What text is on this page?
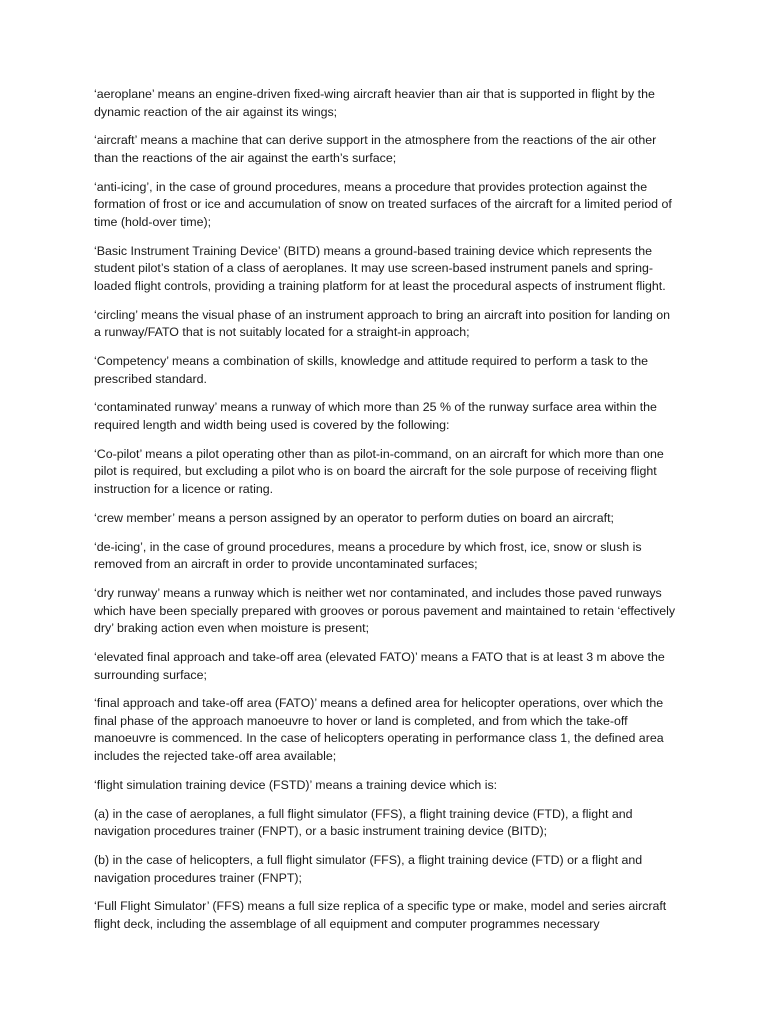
‘aeroplane’ means an engine-driven fixed-wing aircraft heavier than air that is supported in flight by the dynamic reaction of the air against its wings;

‘aircraft’ means a machine that can derive support in the atmosphere from the reactions of the air other than the reactions of the air against the earth’s surface;

‘anti-icing’, in the case of ground procedures, means a procedure that provides protection against the formation of frost or ice and accumulation of snow on treated surfaces of the aircraft for a limited period of time (hold-over time);

‘Basic Instrument Training Device’ (BITD) means a ground-based training device which represents the student pilot’s station of a class of aeroplanes. It may use screen-based instrument panels and spring-loaded flight controls, providing a training platform for at least the procedural aspects of instrument flight.

‘circling’ means the visual phase of an instrument approach to bring an aircraft into position for landing on a runway/FATO that is not suitably located for a straight-in approach;

‘Competency’ means a combination of skills, knowledge and attitude required to perform a task to the prescribed standard.

‘contaminated runway’ means a runway of which more than 25 % of the runway surface area within the required length and width being used is covered by the following:

‘Co-pilot’ means a pilot operating other than as pilot-in-command, on an aircraft for which more than one pilot is required, but excluding a pilot who is on board the aircraft for the sole purpose of receiving flight instruction for a licence or rating.

‘crew member’ means a person assigned by an operator to perform duties on board an aircraft;

‘de-icing’, in the case of ground procedures, means a procedure by which frost, ice, snow or slush is removed from an aircraft in order to provide uncontaminated surfaces;

‘dry runway’ means a runway which is neither wet nor contaminated, and includes those paved runways which have been specially prepared with grooves or porous pavement and maintained to retain ‘effectively dry’ braking action even when moisture is present;

‘elevated final approach and take-off area (elevated FATO)’ means a FATO that is at least 3 m above the surrounding surface;

‘final approach and take-off area (FATO)’ means a defined area for helicopter operations, over which the final phase of the approach manoeuvre to hover or land is completed, and from which the take-off manoeuvre is commenced. In the case of helicopters operating in performance class 1, the defined area includes the rejected take-off area available;

‘flight simulation training device (FSTD)’ means a training device which is:

(a) in the case of aeroplanes, a full flight simulator (FFS), a flight training device (FTD), a flight and navigation procedures trainer (FNPT), or a basic instrument training device (BITD);

(b) in the case of helicopters, a full flight simulator (FFS), a flight training device (FTD) or a flight and navigation procedures trainer (FNPT);

‘Full Flight Simulator’ (FFS) means a full size replica of a specific type or make, model and series aircraft flight deck, including the assemblage of all equipment and computer programmes necessary
